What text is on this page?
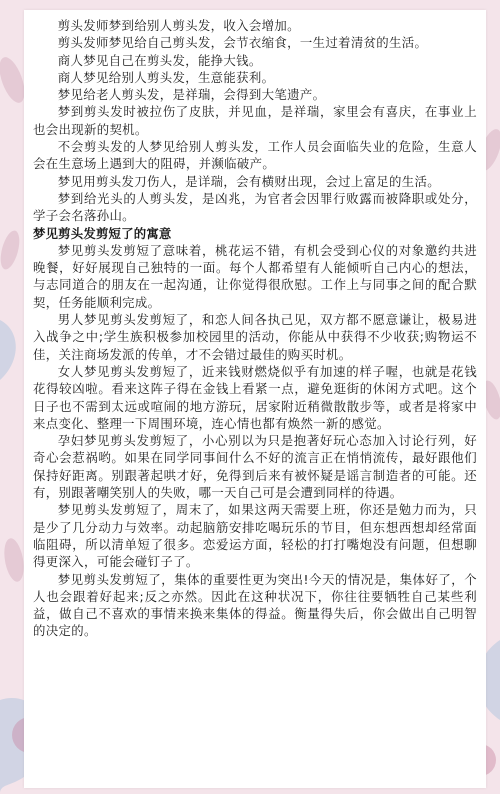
剪头发师梦到给别人剪头发，收入会增加。

剪头发师梦见给自己剪头发，会节衣缩食，一生过着清贫的生活。

商人梦见自己在剪头发，能挣大钱。

商人梦见给别人剪头发，生意能获利。

梦见给老人剪头发，是祥瑞，会得到大笔遗产。

梦到剪头发时被拉伤了皮肤，并见血，是祥瑞，家里会有喜庆，在事业上也会出现新的契机。

不会剪头发的人梦见给别人剪头发，工作人员会面临失业的危险，生意人会在生意场上遇到大的阻碍，并濒临破产。

梦见用剪头发刀伤人，是详瑞，会有横财出现，会过上富足的生活。

梦到给光头的人剪头发，是凶兆，为官者会因罪行败露而被降职或处分，学子会名落孙山。

梦见剪头发剪短了的寓意

梦见剪头发剪短了意味着，桃花运不错，有机会受到心仪的对象邀约共进晚餐，好好展现自己独特的一面。每个人都希望有人能倾听自己内心的想法，与志同道合的朋友在一起沟通，让你觉得很欣慰。工作上与同事之间的配合默契，任务能顺利完成。

男人梦见剪头发剪短了，和恋人间各执己见，双方都不愿意谦让，极易进入战争之中;学生族积极参加校园里的活动，你能从中获得不少收获;购物运不佳，关注商场发派的传单，才不会错过最佳的购买时机。

女人梦见剪头发剪短了，近来钱财燃烧似乎有加速的样子喔，也就是花钱花得较凶啦。看来这阵子得在金钱上看紧一点，避免逛街的休闲方式吧。这个日子也不需到太远或喧闹的地方游玩，居家附近稍微散散步等，或者是将家中来点变化、整理一下周围环境，连心情也都有焕然一新的感觉。

孕妇梦见剪头发剪短了，小心别以为只是抱著好玩心态加入讨论行列，好奇心会惹祸哟。如果在同学同事间什么不好的流言正在悄悄流传，最好跟他们保持好距离。别跟著起哄才好，免得到后来有被怀疑是谣言制造者的可能。还有，别跟著嘲笑别人的失败，哪一天自己可是会遭到同样的待遇。

梦见剪头发剪短了，周末了，如果这两天需要上班，你还是勉力而为，只是少了几分动力与效率。动起脑筋安排吃喝玩乐的节目，但东想西想却经常面临阻碍，所以清单短了很多。恋爱运方面，轻松的打打嘴炮没有问题，但想聊得更深入，可能会碰钉子了。

梦见剪头发剪短了，集体的重要性更为突出!今天的情况是，集体好了，个人也会跟着好起来;反之亦然。因此在这种状况下，你往往要牺牲自己某些利益，做自己不喜欢的事情来换来集体的得益。衡量得失后，你会做出自己明智的决定的。
